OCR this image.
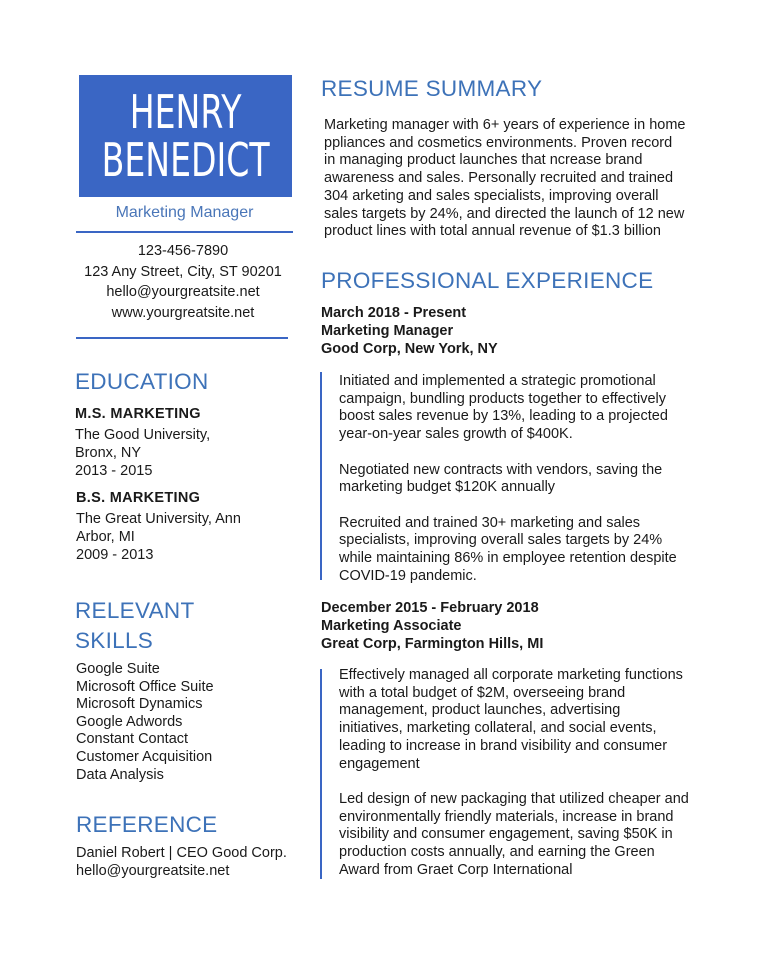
HENRY
BENEDICT
Marketing Manager
123-456-7890
123 Any Street, City, ST 90201
hello@yourgreatsite.net
www.yourgreatsite.net
EDUCATION
M.S. MARKETING
The Good University,
Bronx, NY
2013 - 2015
B.S. MARKETING
The Great University, Ann
Arbor, MI
2009 - 2013
RELEVANT
SKILLS
Google Suite
Microsoft Office Suite
Microsoft Dynamics
Google Adwords
Constant Contact
Customer Acquisition
Data Analysis
REFERENCE
Daniel Robert | CEO Good Corp.
hello@yourgreatsite.net
RESUME SUMMARY
Marketing manager with 6+ years of experience in home
ppliances and cosmetics environments. Proven record
in managing product launches that ncrease brand
awareness and sales. Personally recruited and trained
304 arketing and sales specialists, improving overall
sales targets by 24%, and directed the launch of 12 new
product lines with total annual revenue of $1.3 billion
PROFESSIONAL EXPERIENCE
March 2018 - Present
Marketing Manager
Good Corp, New York, NY
Initiated and implemented a strategic promotional
campaign, bundling products together to effectively
boost sales revenue by 13%, leading to a projected
year-on-year sales growth of $400K.
Negotiated new contracts with vendors, saving the
marketing budget $120K annually
Recruited and trained 30+ marketing and sales
specialists, improving overall sales targets by 24%
while maintaining 86% in employee retention despite
COVID-19 pandemic.
December 2015 - February 2018
Marketing Associate
Great Corp, Farmington Hills, MI
Effectively managed all corporate marketing functions
with a total budget of $2M, overseeing brand
management, product launches, advertising
initiatives, marketing collateral, and social events,
leading to increase in brand visibility and consumer
engagement
Led design of new packaging that utilized cheaper and
environmentally friendly materials, increase in brand
visibility and consumer engagement, saving $50K in
production costs annually, and earning the Green
Award from Graet Corp International
